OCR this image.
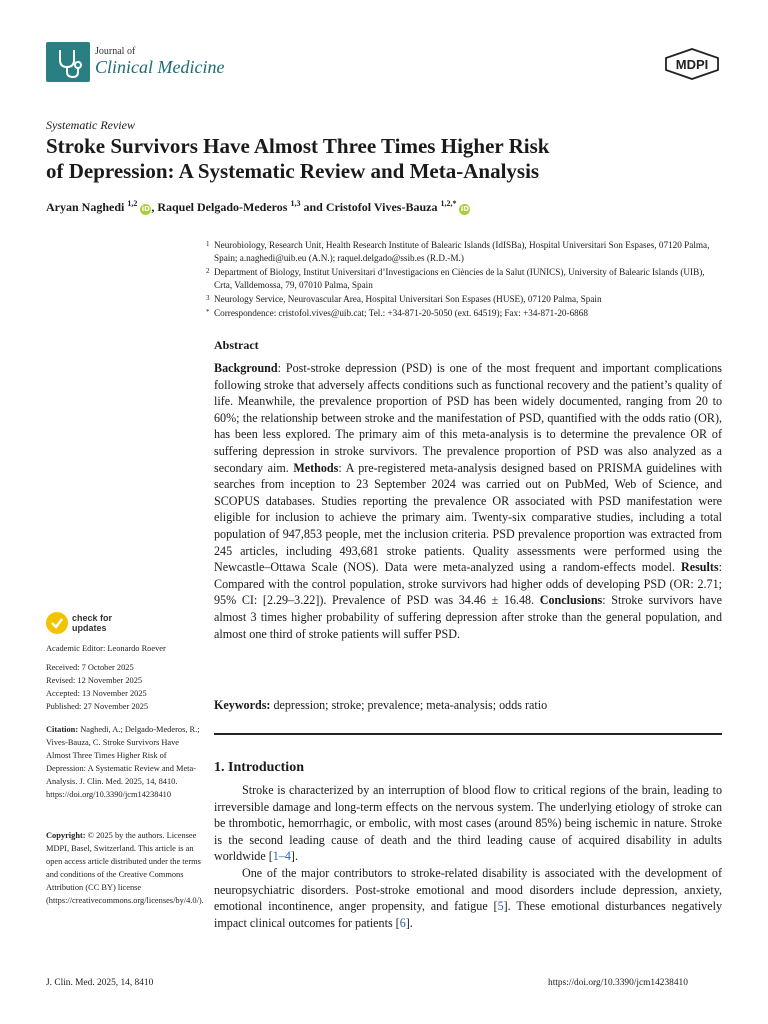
Journal of
Clinical Medicine	MDPI
Systematic Review
Stroke Survivors Have Almost Three Times Higher Risk
of Depression: A Systematic Review and Meta-Analysis
Aryan Naghedi $^{1,2}$ iD, Raquel Delgado-Mederos $^{1,3}$ and Cristofol Vives-Bauza $^{1,2,*}$ iD
1 Neurobiology, Research Unit, Health Research Institute of Balearic Islands (IdISBa), Hospital Universitari Son Espases, 07120 Palma, Spain; a.naghedi@uib.eu (A.N.); raquel.delgado@ssib.es (R.D.-M.)
2 Department of Biology, Institut Universitari d’Investigacions en Ciències de la Salut (IUNICS), University of Balearic Islands (UIB), Crta, Valldemossa, 79, 07010 Palma, Spain
3 Neurology Service, Neurovascular Area, Hospital Universitari Son Espases (HUSE), 07120 Palma, Spain
* Correspondence: cristofol.vives@uib.cat; Tel.: +34-871-20-5050 (ext. 64519); Fax: +34-871-20-6868
Abstract
Background: Post-stroke depression (PSD) is one of the most frequent and important complications following stroke that adversely affects conditions such as functional recovery and the patient’s quality of life. Meanwhile, the prevalence proportion of PSD has been widely documented, ranging from 20 to 60%; the relationship between stroke and the manifestation of PSD, quantified with the odds ratio (OR), has been less explored. The primary aim of this meta-analysis is to determine the prevalence OR of suffering depression in stroke survivors. The prevalence proportion of PSD was also analyzed as a secondary aim. Methods: A pre-registered meta-analysis designed based on PRISMA guidelines with searches from inception to 23 September 2024 was carried out on PubMed, Web of Science, and SCOPUS databases. Studies reporting the prevalence OR associated with PSD manifestation were eligible for inclusion to achieve the primary aim. Twenty-six comparative studies, including a total population of 947,853 people, met the inclusion criteria. PSD prevalence proportion was extracted from 245 articles, including 493,681 stroke patients. Quality assessments were performed using the Newcastle–Ottawa Scale (NOS). Data were meta-analyzed using a random-effects model. Results: Compared with the control population, stroke survivors had higher odds of developing PSD (OR: 2.71; 95% CI: [2.29–3.22]). Prevalence of PSD was 34.46 ± 16.48. Conclusions: Stroke survivors have almost 3 times higher probability of suffering depression after stroke than the general population, and almost one third of stroke patients will suffer PSD.
Keywords: depression; stroke; prevalence; meta-analysis; odds ratio
1. Introduction

Stroke is characterized by an interruption of blood flow to critical regions of the brain, leading to irreversible damage and long-term effects on the nervous system. The underlying etiology of stroke can be thrombotic, hemorrhagic, or embolic, with most cases (around 85%) being ischemic in nature. Stroke is the second leading cause of death and the third leading cause of acquired disability in adults worldwide [1–4].

One of the major contributors to stroke-related disability is associated with the development of neuropsychiatric disorders. Post-stroke emotional and mood disorders include depression, anxiety, emotional incontinence, anger propensity, and fatigue [5]. These emotional disturbances negatively impact clinical outcomes for patients [6].

check for
updates
Academic Editor: Leonardo Roever
Received: 7 October 2025
Revised: 12 November 2025
Accepted: 13 November 2025
Published: 27 November 2025
Citation: Naghedi, A.; Delgado-Mederos, R.; Vives-Bauza, C. Stroke Survivors Have Almost Three Times Higher Risk of Depression: A Systematic Review and Meta-Analysis. J. Clin. Med. 2025, 14, 8410. https://doi.org/10.3390/jcm14238410
Copyright: © 2025 by the authors. Licensee MDPI, Basel, Switzerland. This article is an open access article distributed under the terms and conditions of the Creative Commons Attribution (CC BY) license (https://creativecommons.org/licenses/by/4.0/).
J. Clin. Med. 2025, 14, 8410	https://doi.org/10.3390/jcm14238410
